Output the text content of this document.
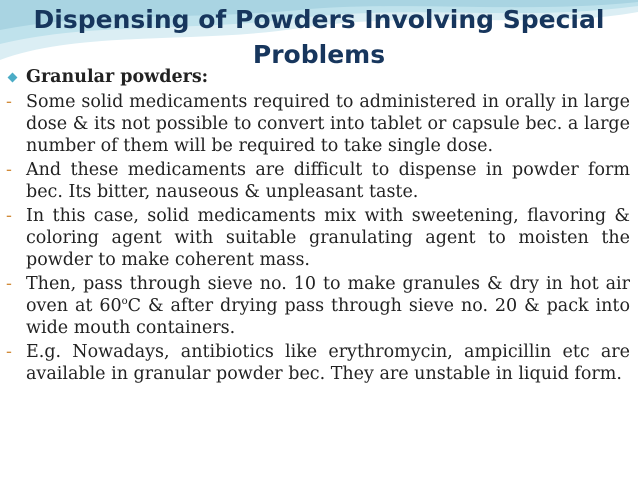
Dispensing of Powders Involving Special Problems
Granular powders:
- Some solid medicaments required to administered in orally in large dose & its not possible to convert into tablet or capsule bec. a large number of them will be required to take single dose.
- And these medicaments are difficult to dispense in powder form bec. Its bitter, nauseous & unpleasant taste.
- In this case, solid medicaments mix with sweetening, flavoring & coloring agent with suitable granulating agent to moisten the powder to make coherent mass.
- Then, pass through sieve no. 10 to make granules & dry in hot air oven at 60$^o$C & after drying pass through sieve no. 20 & pack into wide mouth containers.
- E.g. Nowadays, antibiotics like erythromycin, ampicillin etc are available in granular powder bec. They are unstable in liquid form.
